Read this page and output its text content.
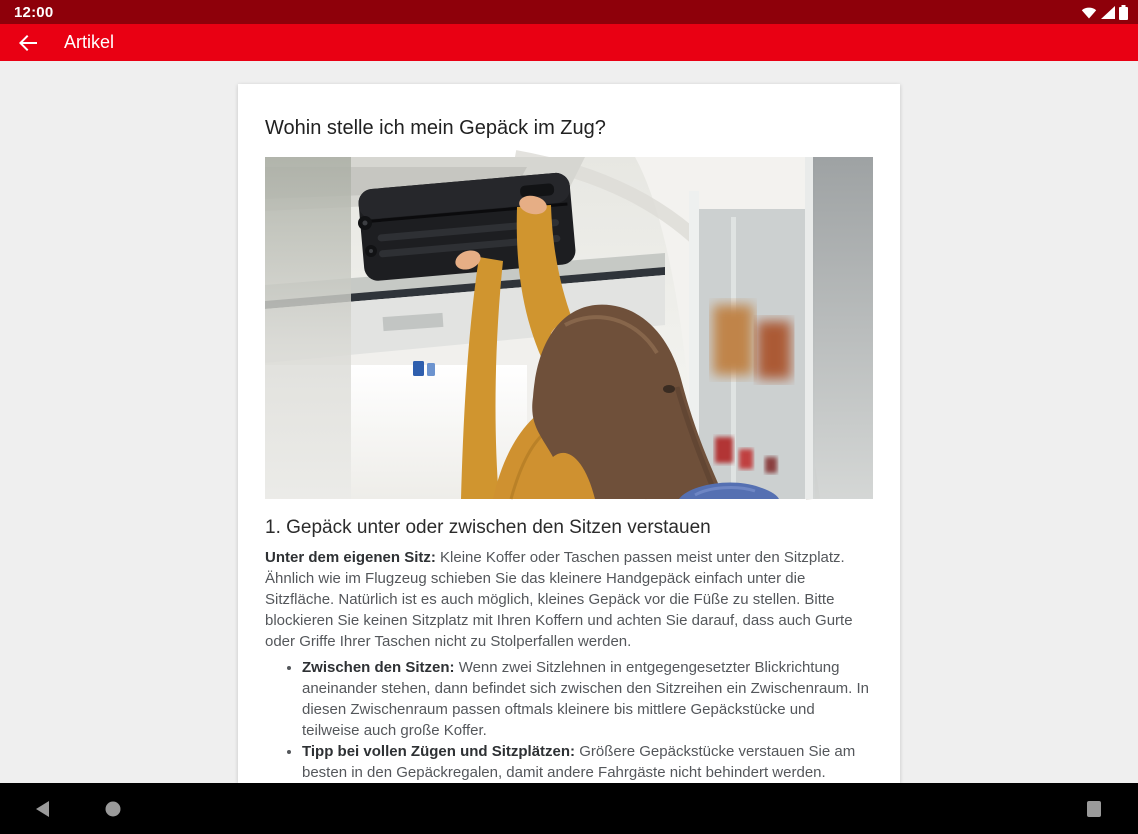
12:00
Artikel
Wohin stelle ich mein Gepäck im Zug?
1. Gepäck unter oder zwischen den Sitzen verstauen

Unter dem eigenen Sitz: Kleine Koffer oder Taschen passen meist unter den Sitzplatz. Ähnlich wie im Flugzeug schieben Sie das kleinere Handgepäck einfach unter die Sitzfläche. Natürlich ist es auch möglich, kleines Gepäck vor die Füße zu stellen. Bitte blockieren Sie keinen Sitzplatz mit Ihren Koffern und achten Sie darauf, dass auch Gurte oder Griffe Ihrer Taschen nicht zu Stolperfallen werden.

• Zwischen den Sitzen: Wenn zwei Sitzlehnen in entgegengesetzter Blickrichtung aneinander stehen, dann befindet sich zwischen den Sitzreihen ein Zwischenraum. In diesen Zwischenraum passen oftmals kleinere bis mittlere Gepäckstücke und teilweise auch große Koffer.
• Tipp bei vollen Zügen und Sitzplätzen: Größere Gepäckstücke verstauen Sie am besten in den Gepäckregalen, damit andere Fahrgäste nicht behindert werden.
